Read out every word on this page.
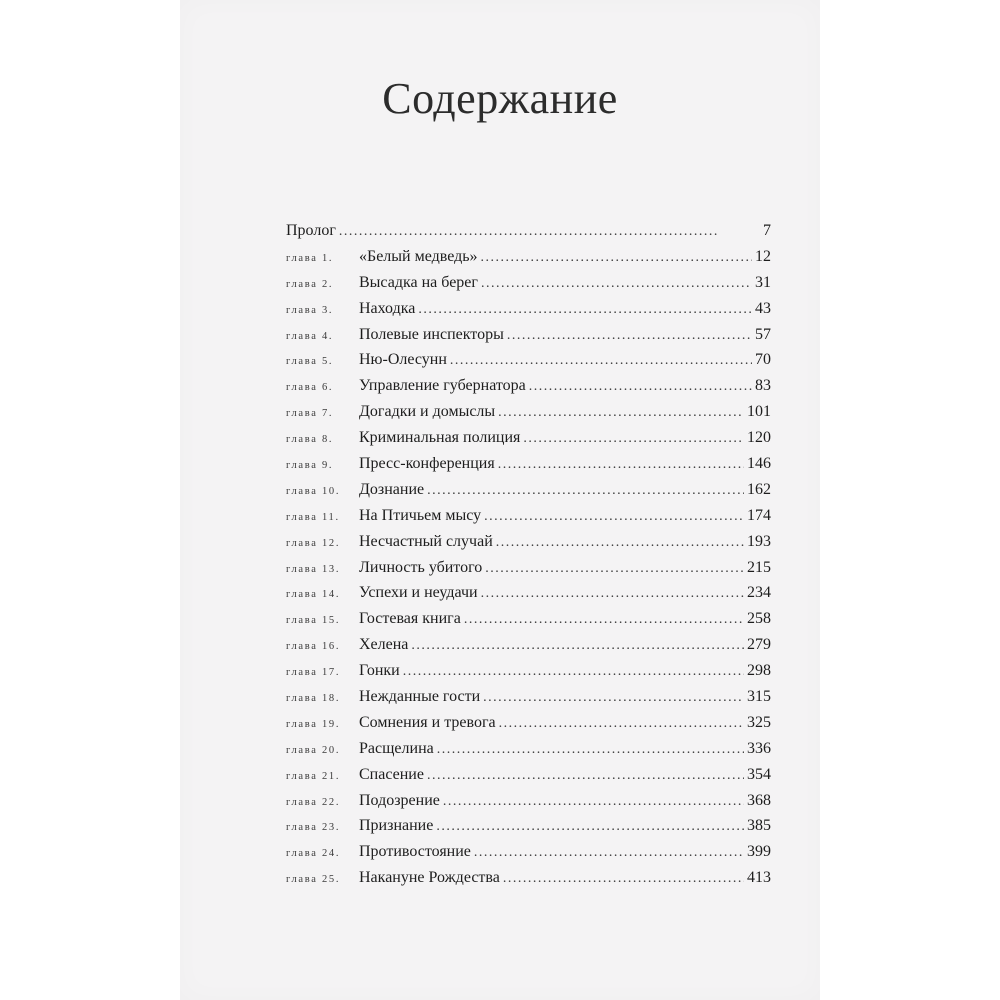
Содержание
Пролог . . .	7
глава 1.	«Белый медведь» . . .	12
глава 2.	Высадка на берег . . .	31
глава 3.	Находка . . .	43
глава 4.	Полевые инспекторы . . .	57
глава 5.	Ню-Олесунн . . .	70
глава 6.	Управление губернатора . . .	83
глава 7.	Догадки и домыслы . . .	101
глава 8.	Криминальная полиция . . .	120
глава 9.	Пресс-конференция . . .	146
глава 10.	Дознание . . .	162
глава 11.	На Птичьем мысу . . .	174
глава 12.	Несчастный случай . . .	193
глава 13.	Личность убитого . . .	215
глава 14.	Успехи и неудачи . . .	234
глава 15.	Гостевая книга . . .	258
глава 16.	Хелена . . .	279
глава 17.	Гонки . . .	298
глава 18.	Нежданные гости . . .	315
глава 19.	Сомнения и тревога . . .	325
глава 20.	Расщелина . . .	336
глава 21.	Спасение . . .	354
глава 22.	Подозрение . . .	368
глава 23.	Признание . . .	385
глава 24.	Противостояние . . .	399
глава 25.	Накануне Рождества . . .	413
